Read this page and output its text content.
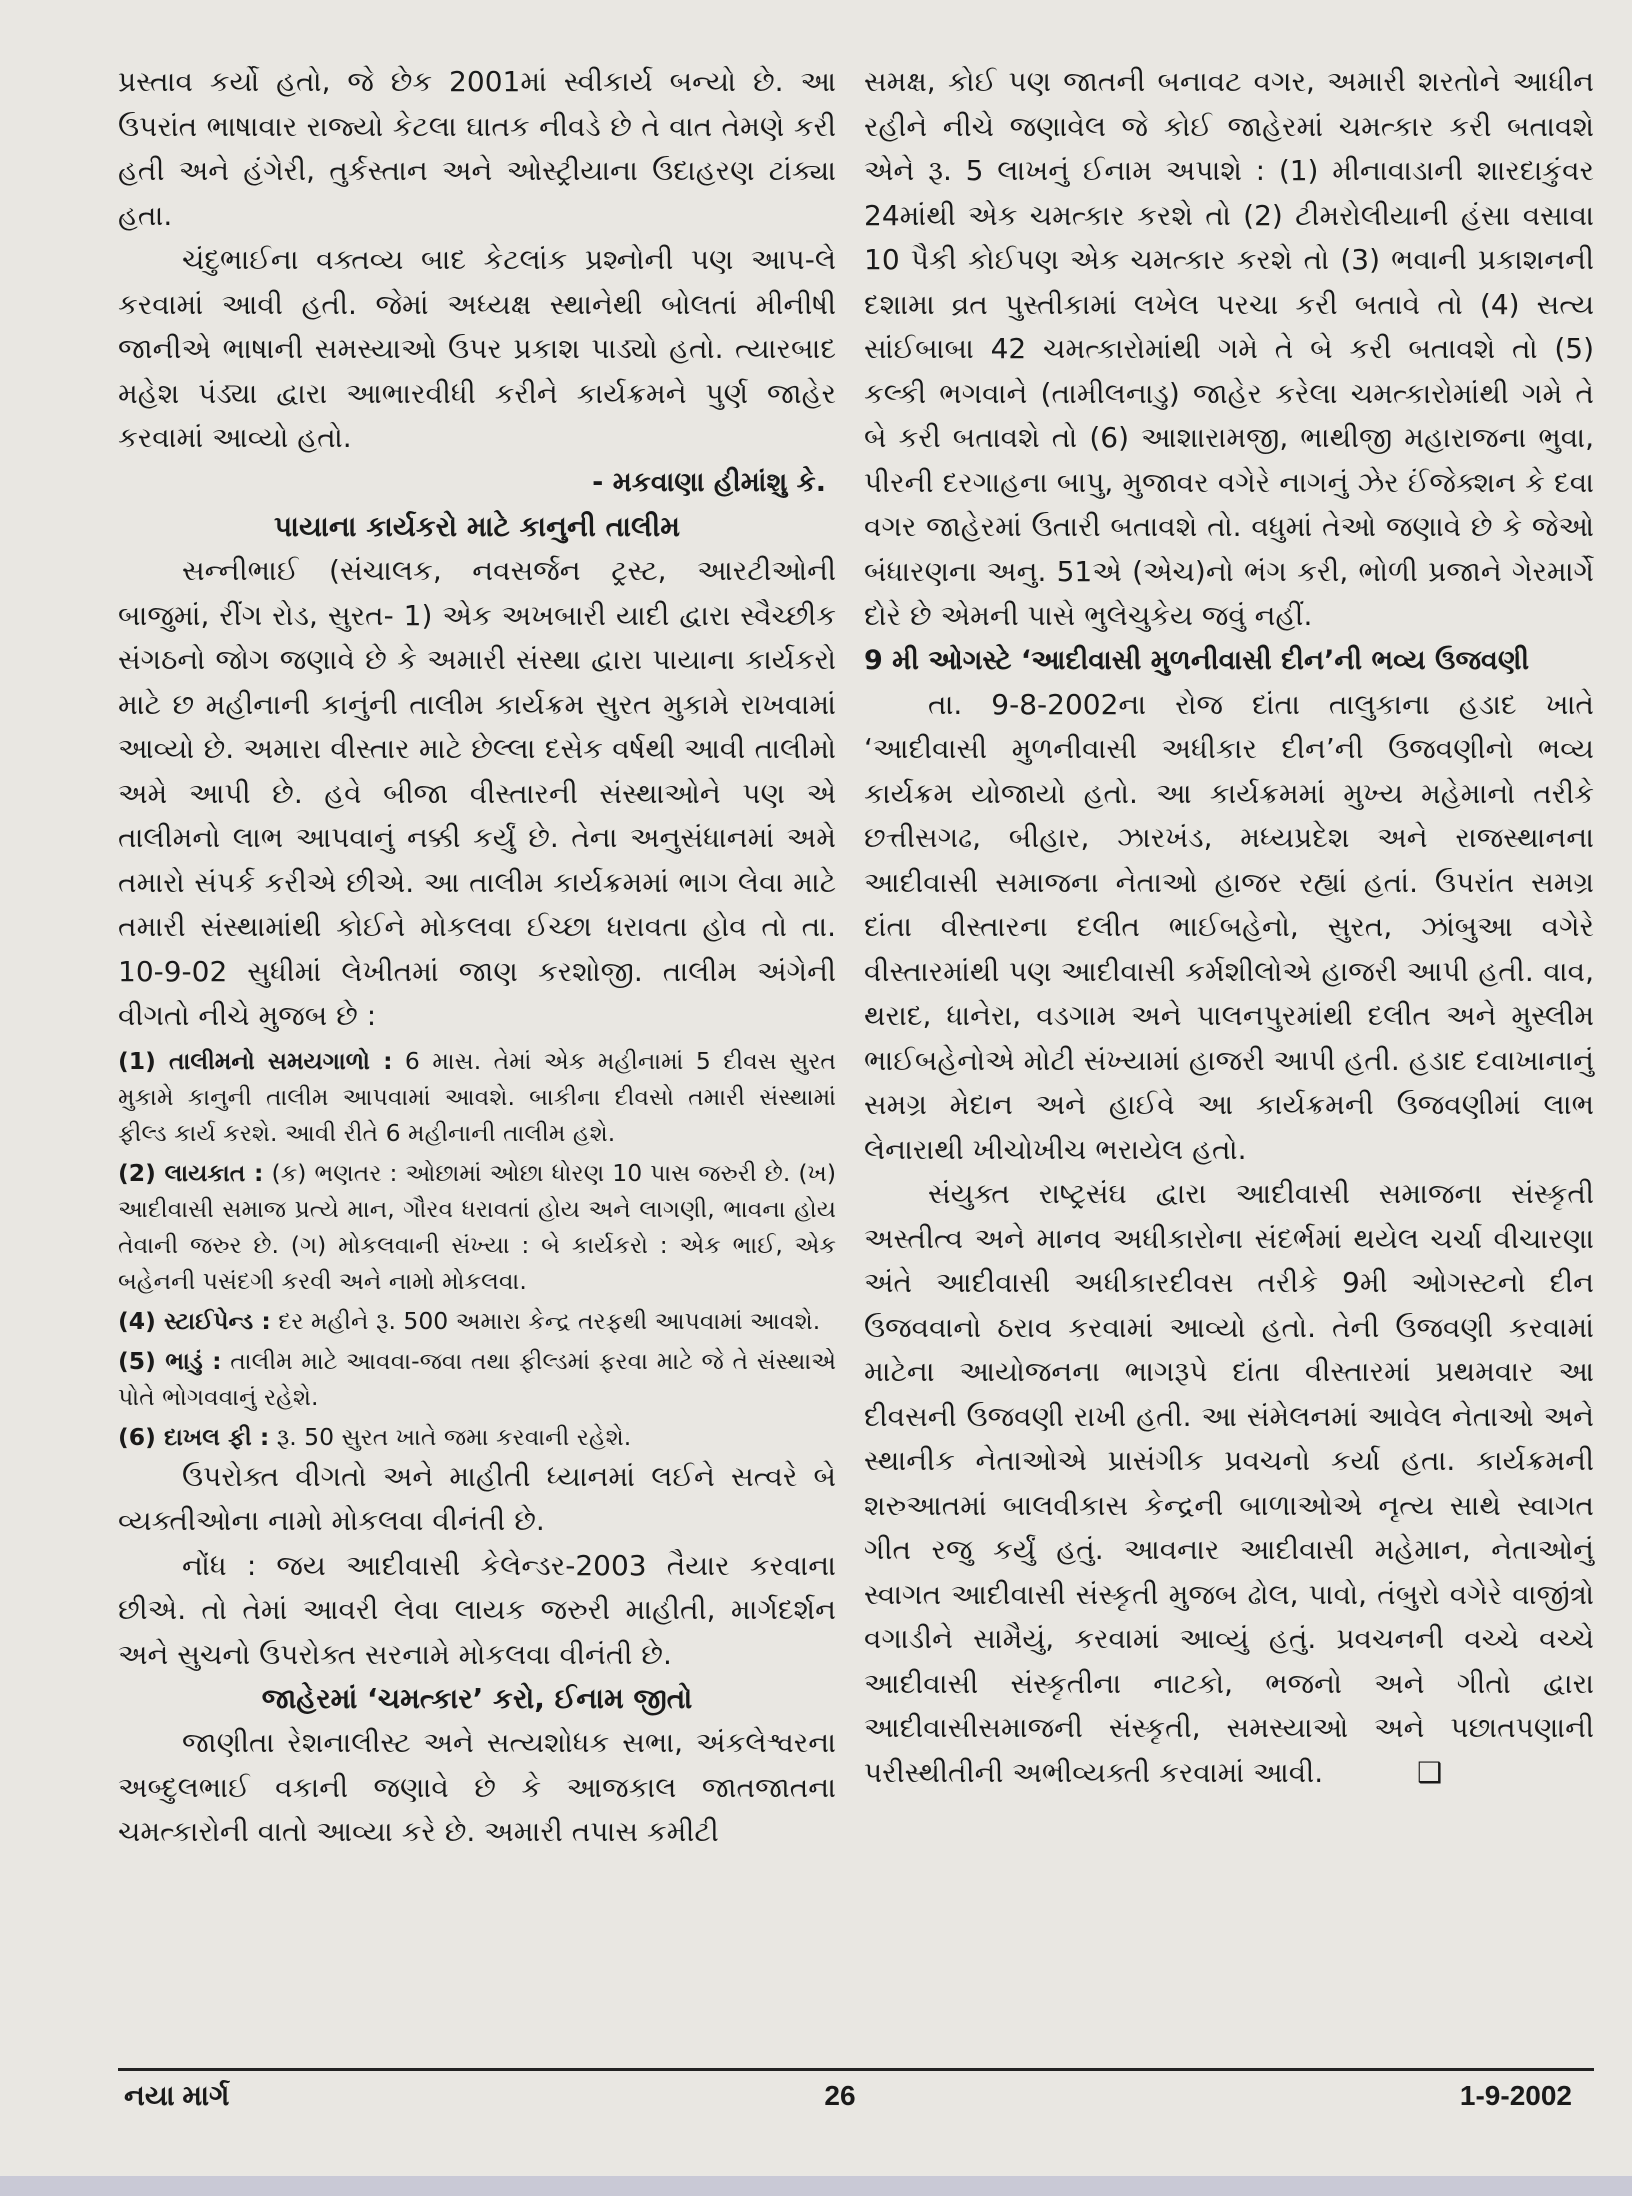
પ્રસ્તાવ કર્યો હતો, જે છેક 2001માં સ્વીકાર્ય બન્યો છે. આ ઉપરાંત ભાષાવાર રાજ્યો કેટલા ઘાતક નીવડે છે તે વાત તેમણે કરી હતી અને હંગેરી, તુર્કસ્તાન અને ઓસ્ટ્રીયાના ઉદાહરણ ટાંક્યા હતા.

ચંદુભાઈના વક્તવ્ય બાદ કેટલાંક પ્રશ્નોની પણ આપ-લે કરવામાં આવી હતી. જેમાં અધ્યક્ષ સ્થાનેથી બોલતાં મીનીષી જાનીએ ભાષાની સમસ્યાઓ ઉપર પ્રકાશ પાડ્યો હતો. ત્યારબાદ મહેશ પંડ્યા દ્વારા આભારવીધી કરીને કાર્યક્રમને પુર્ણ જાહેર કરવામાં આવ્યો હતો.

- મકવાણા હીમાંશુ કે.

પાયાના કાર્યકરો માટે કાનુની તાલીમ

સન્નીભાઈ (સંચાલક, નવસર્જન ટ્રસ્ટ, આરટીઓની બાજુમાં, રીંગ રોડ, સુરત- 1) એક અખબારી યાદી દ્વારા સ્વૈચ્છીક સંગઠનો જોગ જણાવે છે કે અમારી સંસ્થા દ્વારા પાયાના કાર્યકરો માટે છ મહીનાની કાનુંની તાલીમ કાર્યક્રમ સુરત મુકામે રાખવામાં આવ્યો છે. અમારા વીસ્તાર માટે છેલ્લા દસેક વર્ષથી આવી તાલીમો અમે આપી છે. હવે બીજા વીસ્તારની સંસ્થાઓને પણ એ તાલીમનો લાભ આપવાનું નક્કી કર્યું છે. તેના અનુસંધાનમાં અમે તમારો સંપર્ક કરીએ છીએ. આ તાલીમ કાર્યક્રમમાં ભાગ લેવા માટે તમારી સંસ્થામાંથી કોઈને મોકલવા ઈચ્છા ધરાવતા હોવ તો તા. 10-9-02 સુધીમાં લેખીતમાં જાણ કરશોજી. તાલીમ અંગેની વીગતો નીચે મુજબ છે :

(1) તાલીમનો સમયગાળો : 6 માસ. તેમાં એક મહીનામાં 5 દીવસ સુરત મુકામે કાનુની તાલીમ આપવામાં આવશે. બાકીના દીવસો તમારી સંસ્થામાં ફીલ્ડ કાર્ય કરશે. આવી રીતે 6 મહીનાની તાલીમ હશે.

(2) લાયકાત : (ક) ભણતર : ઓછામાં ઓછા ધોરણ 10 પાસ જરુરી છે. (ખ) આદીવાસી સમાજ પ્રત્યે માન, ગૌરવ ધરાવતાં હોય અને લાગણી, ભાવના હોય તેવાની જરુર છે. (ગ) મોકલવાની સંખ્યા : બે કાર્યકરો : એક ભાઈ, એક બહેનની પસંદગી કરવી અને નામો મોકલવા.

(4) સ્ટાઈપેન્ડ : દર મહીને રૂ. 500 અમારા કેન્દ્ર તરફથી આપવામાં આવશે.

(5) ભાડું : તાલીમ માટે આવવા-જવા તથા ફીલ્ડમાં ફરવા માટે જે તે સંસ્થાએ પોતે ભોગવવાનું રહેશે.

(6) દાખલ ફી : રૂ. 50 સુરત ખાતે જમા કરવાની રહેશે.

ઉપરોક્ત વીગતો અને માહીતી ધ્યાનમાં લઈને સત્વરે બે વ્યક્તીઓના નામો મોકલવા વીનંતી છે.

નોંધ : જય આદીવાસી કેલેન્ડર-2003 તૈયાર કરવાના છીએ. તો તેમાં આવરી લેવા લાયક જરુરી માહીતી, માર્ગદર્શન અને સુચનો ઉપરોક્ત સરનામે મોકલવા વીનંતી છે.

જાહેરમાં ‘ચમત્કાર’ કરો, ઈનામ જીતો

જાણીતા રેશનાલીસ્ટ અને સત્યશોધક સભા, અંકલેશ્વરના અબ્દુલભાઈ વકાની જણાવે છે કે આજકાલ જાતજાતના ચમત્કારોની વાતો આવ્યા કરે છે. અમારી તપાસ કમીટી

સમક્ષ, કોઈ પણ જાતની બનાવટ વગર, અમારી શરતોને આધીન રહીને નીચે જણાવેલ જે કોઈ જાહેરમાં ચમત્કાર કરી બતાવશે એને રૂ. 5 લાખનું ઈનામ અપાશે : (1) મીનાવાડાની શારદાકુંવર 24માંથી એક ચમત્કાર કરશે તો (2) ટીમરોલીયાની હંસા વસાવા 10 પૈકી કોઈપણ એક ચમત્કાર કરશે તો (3) ભવાની પ્રકાશનની દશામા વ્રત પુસ્તીકામાં લખેલ પરચા કરી બતાવે તો (4) સત્ય સાંઈબાબા 42 ચમત્કારોમાંથી ગમે તે બે કરી બતાવશે તો (5) કલ્કી ભગવાને (તામીલનાડુ) જાહેર કરેલા ચમત્કારોમાંથી ગમે તે બે કરી બતાવશે તો (6) આશારામજી, ભાથીજી મહારાજના ભુવા, પીરની દરગાહના બાપુ, મુજાવર વગેરે નાગનું ઝેર ઈંજેક્શન કે દવા વગર જાહેરમાં ઉતારી બતાવશે તો. વધુમાં તેઓ જણાવે છે કે જેઓ બંધારણના અનુ. 51એ (એચ)નો ભંગ કરી, ભોળી પ્રજાને ગેરમાર્ગે દોરે છે એમની પાસે ભુલેચુકેય જવું નહીં.

9 મી ઓગસ્ટે ‘આદીવાસી મુળનીવાસી દીન’ની ભવ્ય ઉજવણી

તા. 9-8-2002ના રોજ દાંતા તાલુકાના હડાદ ખાતે ‘આદીવાસી મુળનીવાસી અધીકાર દીન’ની ઉજવણીનો ભવ્ય કાર્યક્રમ યોજાયો હતો. આ કાર્યક્રમમાં મુખ્ય મહેમાનો તરીકે છત્તીસગઢ, બીહાર, ઝારખંડ, મધ્યપ્રદેશ અને રાજસ્થાનના આદીવાસી સમાજના નેતાઓ હાજર રહ્યાં હતાં. ઉપરાંત સમગ્ર દાંતા વીસ્તારના દલીત ભાઈબહેનો, સુરત, ઝાંબુઆ વગેરે વીસ્તારમાંથી પણ આદીવાસી કર્મશીલોએ હાજરી આપી હતી. વાવ, થરાદ, ધાનેરા, વડગામ અને પાલનપુરમાંથી દલીત અને મુસ્લીમ ભાઈબહેનોએ મોટી સંખ્યામાં હાજરી આપી હતી. હડાદ દવાખાનાનું સમગ્ર મેદાન અને હાઈવે આ કાર્યક્રમની ઉજવણીમાં લાભ લેનારાથી ખીચોખીચ ભરાયેલ હતો.

સંયુક્ત રાષ્ટ્રસંઘ દ્વારા આદીવાસી સમાજના સંસ્કૃતી અસ્તીત્વ અને માનવ અધીકારોના સંદર્ભમાં થયેલ ચર્ચા વીચારણા અંતે આદીવાસી અધીકારદીવસ તરીકે 9મી ઓગસ્ટનો દીન ઉજવવાનો ઠરાવ કરવામાં આવ્યો હતો. તેની ઉજવણી કરવામાં માટેના આયોજનના ભાગરૂપે દાંતા વીસ્તારમાં પ્રથમવાર આ દીવસની ઉજવણી રાખી હતી. આ સંમેલનમાં આવેલ નેતાઓ અને સ્થાનીક નેતાઓએ પ્રાસંગીક પ્રવચનો કર્યા હતા. કાર્યક્રમની શરુઆતમાં બાલવીકાસ કેન્દ્રની બાળાઓએ નૃત્ય સાથે સ્વાગત ગીત રજુ કર્યું હતું. આવનાર આદીવાસી મહેમાન, નેતાઓનું સ્વાગત આદીવાસી સંસ્કૃતી મુજબ ઢોલ, પાવો, તંબુરો વગેરે વાજીંત્રો વગાડીને સામૈયું, કરવામાં આવ્યું હતું. પ્રવચનની વચ્ચે વચ્ચે આદીવાસી સંસ્કૃતીના નાટકો, ભજનો અને ગીતો દ્વારા આદીવાસીસમાજની સંસ્કૃતી, સમસ્યાઓ અને પછાતપણાની પરીસ્થીતીની અભીવ્યક્તી કરવામાં આવી.	❑

નયા માર્ગ	26	1-9-2002
